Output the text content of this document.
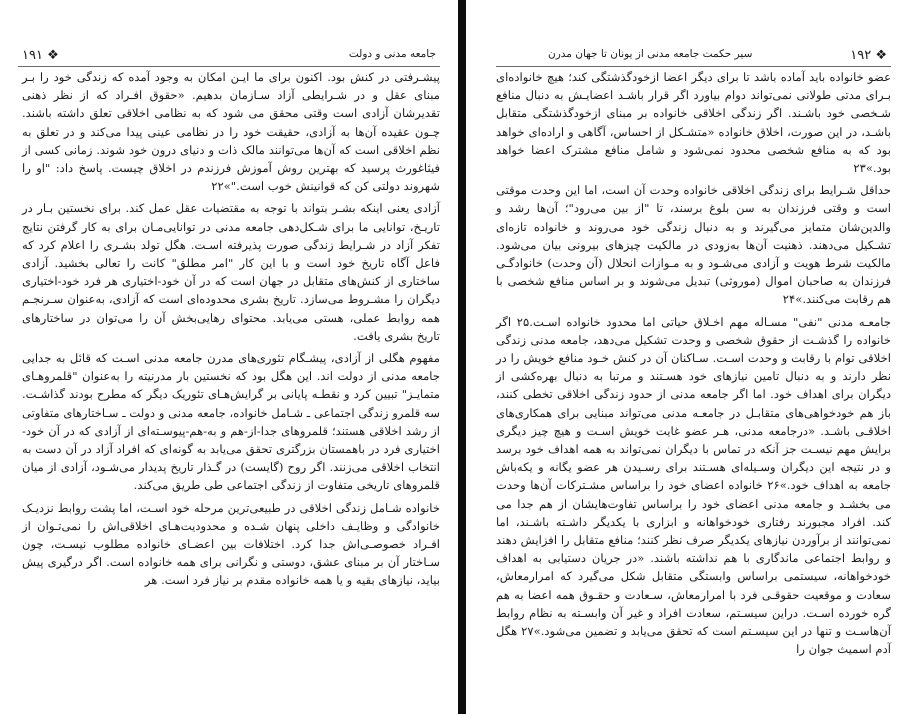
۱۹۱ ❖	جامعه مدنی و دولت

پیشـرفتی در کنش بود. اکنون برای ما ایـن امکان به وجود آمده که زندگی خود را بـر مبنای عقل و در شـرایطی آزاد سـازمان بدهیم. «حقوق افـراد که از نظر ذهنی تقدیرشان آزادی است وقتی محقق می شود که به نظامی اخلاقی تعلق داشته باشند. چـون عقیده آن‌ها به آزادی، حقیقت خود را در نظامی عینی پیدا می‌کند و در تعلق به نظم اخلاقی است که آن‌ها می‌توانند مالک ذات و دنیای درون خود شوند. زمانی کسی از فیثاغورث پرسید که بهترین روش آموزش فرزندم در اخلاق چیست. پاسخ داد: "او را شهروند دولتی کن که قوانینش خوب است."»۲۲

آزادی یعنی اینکه بشـر بتواند با توجه به مقتضیات عقل عمل کند. برای نخستین بـار در تاریـخ، توانایی ما برای شـکل‌دهی جامعه مدنی در توانایی‌مـان برای به کار گرفتن نتایج تفکر آزاد در شـرایط زندگی صورت پذیرفته اسـت. هگل تولد بشـری را اعلام کرد که فاعل آگاه تاریخ خود است و با این کار "امر مطلق" کانت را تعالی بخشید. آزادی ساختاری از کنش‌های متقابل در جهان است که در آن خود-اختیاری هر فرد خود-اختیاری دیگران را مشـروط می‌سازد. تاریخ بشری محدوده‌ای است که آزادی، به‌عنوان سـرنجـم همه روابط عملی، هستی می‌یابد. محتوای رهایی‌بخش آن را می‌توان در ساختارهای تاریخ بشری یافت.

مفهوم هگلی از آزادی، پیشـگام تئوری‌های مدرن جامعه مدنی اسـت که قائل به جدایی جامعه مدنی از دولت اند. این هگل بود که نخستین بار مدرنیته را به‌عنوان "قلمروهـای متمایـز" تبیین کرد و نقطـه پایانی بر گرایش‌هـای تئوریک دیگر که مطرح بودند گذاشـت. سه قلمرو زندگی اجتماعی ـ شـامل خانواده، جامعه مدنی و دولت ـ سـاختارهای متفاوتی از رشد اخلاقی هستند؛ قلمروهای جدا-از-هم و به-هم-پیوسـته‌ای از آزادی که در آن خود-اختیاری فرد در باهمستان بزرگتری تحقق می‌یابد به گونه‌ای که افراد آزاد در آن دست به انتخاب اخلاقی می‌زنند. اگر روح (گایست) در گـذار تاریخ پدیدار می‌شـود، آزادی از میان قلمروهای تاریخی متفاوت از زندگی اجتماعی طی طریق می‌کند.

خانواده شـامل زندگی اخلاقی در طبیعی‌ترین مرحله خود اسـت، اما پشت روابط نزدیـک خانوادگی و وظایـف داخلی پنهان شـده و محدودیت‌هـای اخلاقی‌اش را نمی‌تـوان از افـراد خصوصـی‌اش جدا کرد. اختلافات بین اعضـای خانواده مطلوب نیسـت، چون سـاختار آن بر مبنای عشق، دوستی و نگرانی برای همه خانواده است. اگر درگیری پیش بیاید، نیازهای بقیه و یا همه خانواده مقدم بر نیاز فرد است. هر

❖ ۱۹۲
سیر حکمت جامعه مدنی از یونان تا جهان مدرن

عضو خانواده باید آماده باشد تا برای دیگر اعضا ازخودگذشتگی کند؛ هیچ خانواده‌ای بـرای مدتی طولانی نمی‌تواند دوام بیاورد اگر قرار باشـد اعضایـش به دنبال منافع شـخصی خود باشـند. اگر زندگی اخلاقی خانواده بر مبنای ازخودگذشتگی متقابل باشـد، در این صورت، اخلاق خانواده «متشـکل از احساس، آگاهی و اراده‌ای خواهد بود که به منافع شخصی محدود نمی‌شود و شامل منافع مشترک اعضا خواهد بود.»۲۳

حداقل شـرایط برای زندگی اخلاقی خانواده وحدت آن است، اما این وحدت موقتی است و وقتی فرزندان به سن بلوغ برسند، تا "از بین می‌رود"؛ آن‌ها رشد و والدین‌شان متمایز می‌گیرند و به دنبال زندگی خود می‌روند و خانواده تازه‌ای تشـکیل می‌دهند. ذهنیت آن‌ها به‌زودی در مالکیت چیزهای بیرونی بیان می‌شود. مالکیت شرط هویت و آزادی می‌شـود و به مـوازات انحلال (آن وحدت) خانوادگـی فرزندان به صاحبان اموال (موروثی) تبدیل می‌شوند و بر اساس منافع شخصی با هم رقابت می‌کنند.»۲۴

جامعـه مدنی "نفی" مسـاله مهم اخـلاق حیاتی اما محدود خانواده اسـت.۲۵ اگر خانواده را گذشـت از حقوق شخصی و وحدت تشکیل می‌دهد، جامعه مدنی زندگی اخلاقی توام با رقابت و وحدت اسـت. سـاکنان آن در کنش خـود منافع خویش را در نظر دارند و به دنبال تامین نیازهای خود هسـتند و مرتبا به دنبال بهره‌کشی از دیگران برای اهداف خود. اما اگر جامعه مدنی از حدود زندگی اخلاقی تخطی کنند، باز هم خودخواهی‌های متقابـل در جامعـه مدنی می‌تواند مبنایی برای همکاری‌های اخلاقـی باشـد. «درجامعه مدنی، هـر عضو غایت خویش اسـت و هیچ چیز دیگری برایش مهم نیسـت جز آنکه در تماس با دیگران نمی‌تواند به همه اهداف خود برسد و در نتیجه این دیگران وسـیله‌ای هسـتند برای رسـیدن هر عضو یگانه و یکه‌باش جامعه به اهداف خود.»۲۶ خانواده اعضای خود را براساس مشـترکات آن‌ها وحدت می بخشـد و جامعه مدنی اعضای خود را براساس تفاوت‌هایشان از هم جدا می کند. افراد مجبورند رفتاری خودخواهانه و ابزاری با یکدیگر داشـته باشـند، اما نمی‌توانند از برآوردن نیازهای یکدیگر صرف نظر کنند؛ منافع متقابل را افزایش دهند و روابط اجتماعی ماندگاری با هم نداشته باشند. «در جریان دستیابی به اهداف خودخواهانه، سیستمی براساس وابستگی متقابل شکل می‌گیرد که امرارمعاش، سعادت و موقعیت حقوقـی فرد با امرارمعاش، سـعادت و حقـوق همه اعضا به هم گره خورده اسـت. دراین سیسـتم، سعادت افراد و غیر آن وابسـته به نظام روابط آن‌هاسـت و تنها در این سیسـتم است که تحقق می‌یابد و تضمین می‌شود.»۲۷ هگل آدم اسمیث جوان را
